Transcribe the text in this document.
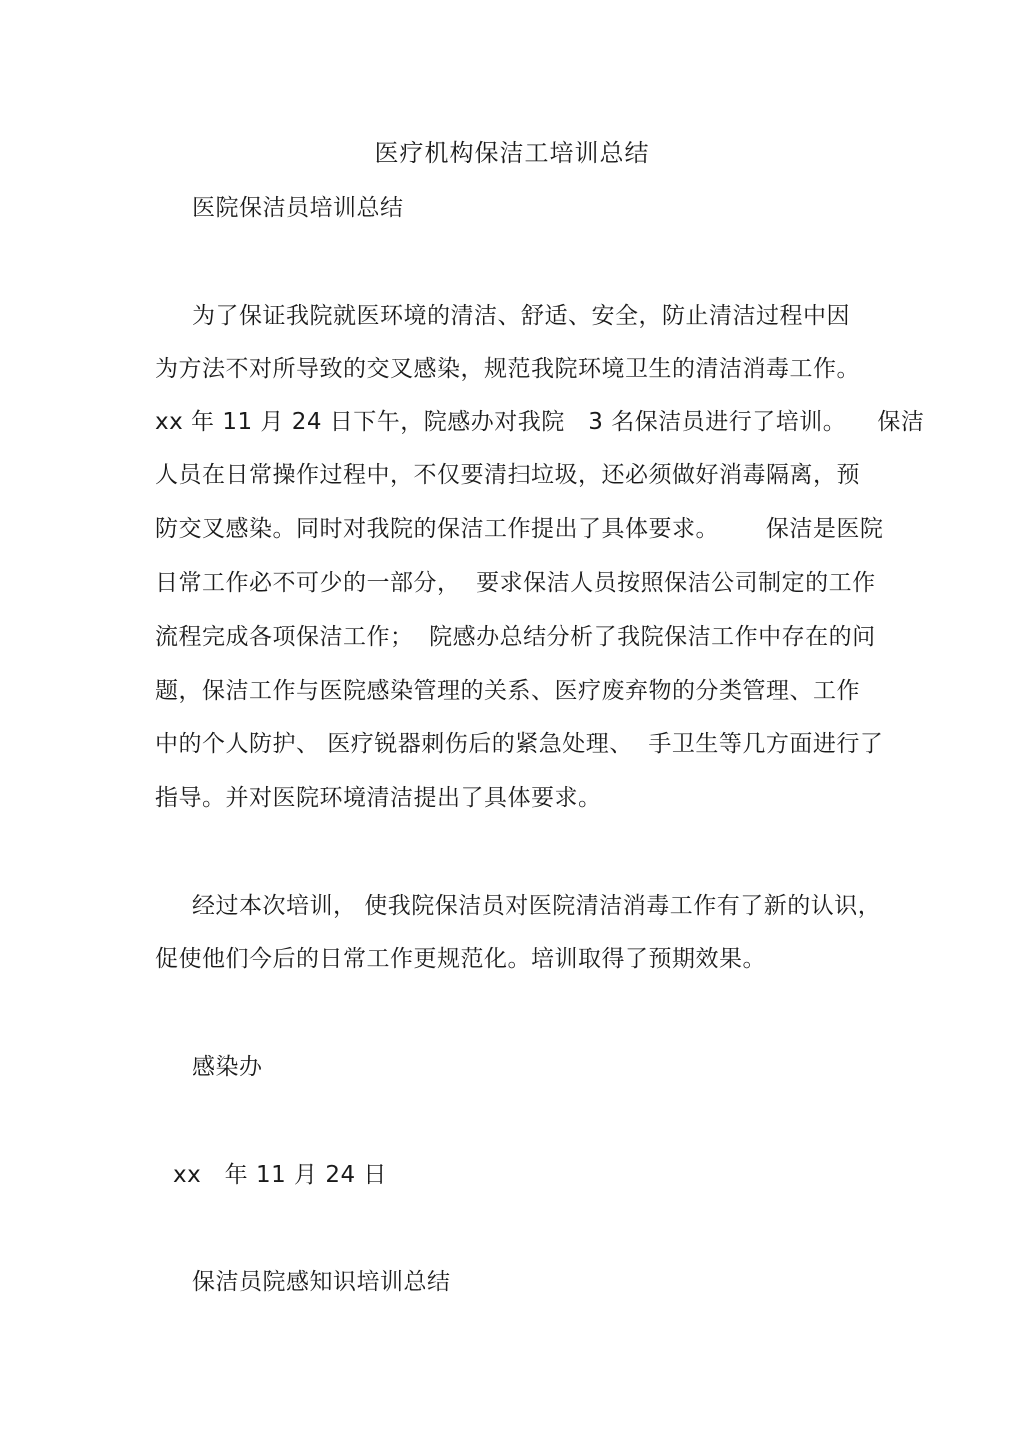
医疗机构保洁工培训总结
医院保洁员培训总结
为了保证我院就医环境的清洁、舒适、安全，防止清洁过程中因
为方法不对所导致的交叉感染，规范我院环境卫生的清洁消毒工作。
xx 年 11 月 24 日下午，院感办对我院   3 名保洁员进行了培训。    保洁
人员在日常操作过程中，不仅要清扫垃圾，还必须做好消毒隔离，预
防交叉感染。同时对我院的保洁工作提出了具体要求。      保洁是医院
日常工作必不可少的一部分，  要求保洁人员按照保洁公司制定的工作
流程完成各项保洁工作；  院感办总结分析了我院保洁工作中存在的问
题，保洁工作与医院感染管理的关系、医疗废弃物的分类管理、工作
中的个人防护、 医疗锐器刺伤后的紧急处理、  手卫生等几方面进行了
指导。并对医院环境清洁提出了具体要求。
经过本次培训， 使我院保洁员对医院清洁消毒工作有了新的认识，
促使他们今后的日常工作更规范化。培训取得了预期效果。
感染办
xx   年 11 月 24 日
保洁员院感知识培训总结
